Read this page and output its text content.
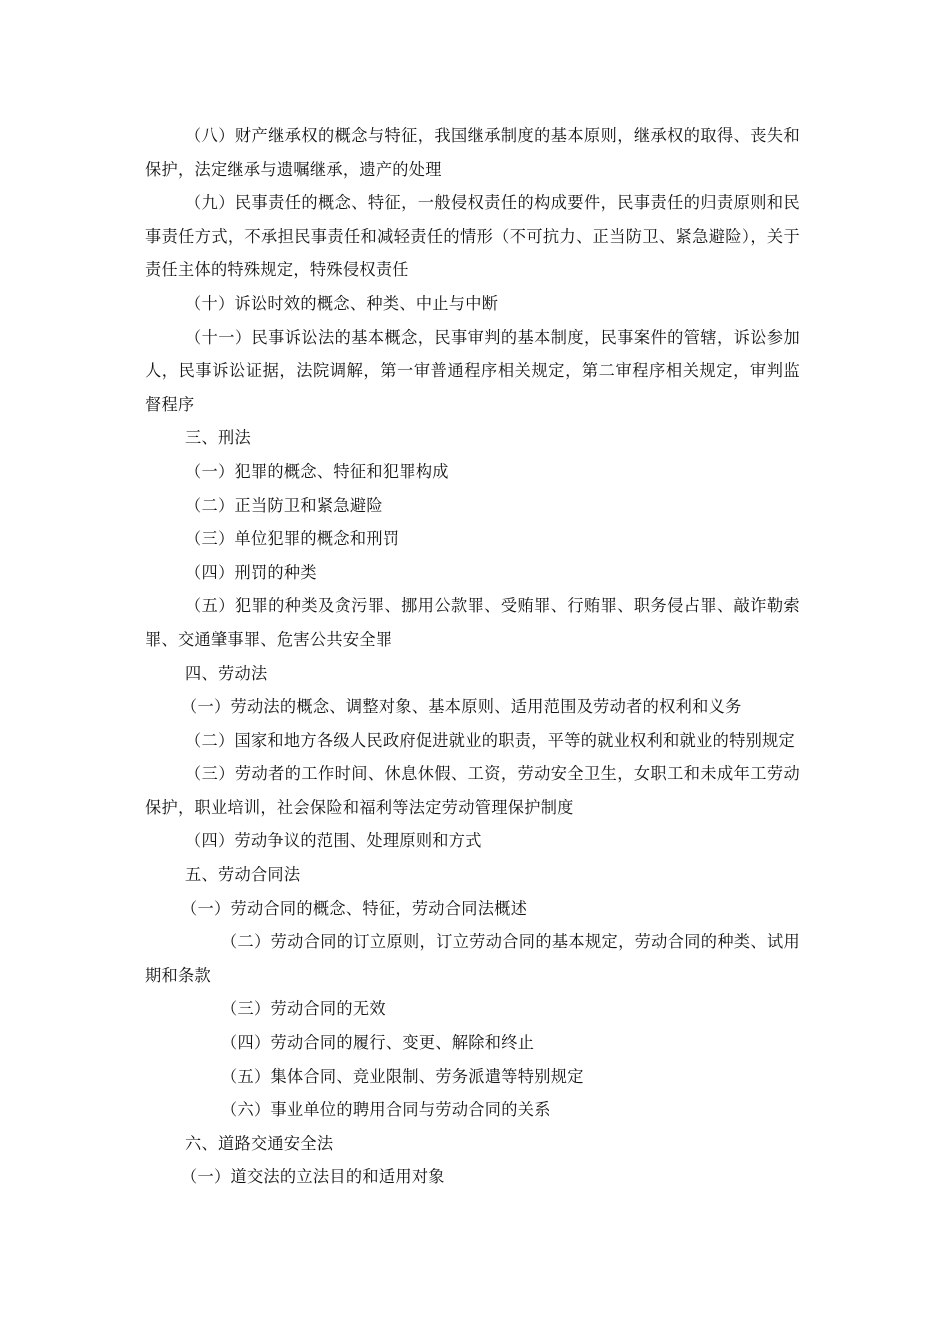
（八）财产继承权的概念与特征，我国继承制度的基本原则，继承权的取得、丧失和保护，法定继承与遗嘱继承，遗产的处理

（九）民事责任的概念、特征，一般侵权责任的构成要件，民事责任的归责原则和民事责任方式，不承担民事责任和减轻责任的情形（不可抗力、正当防卫、紧急避险），关于责任主体的特殊规定，特殊侵权责任

（十）诉讼时效的概念、种类、中止与中断

（十一）民事诉讼法的基本概念，民事审判的基本制度，民事案件的管辖，诉讼参加人，民事诉讼证据，法院调解，第一审普通程序相关规定，第二审程序相关规定，审判监督程序

三、刑法

（一）犯罪的概念、特征和犯罪构成

（二）正当防卫和紧急避险

（三）单位犯罪的概念和刑罚

（四）刑罚的种类

（五）犯罪的种类及贪污罪、挪用公款罪、受贿罪、行贿罪、职务侵占罪、敲诈勒索罪、交通肇事罪、危害公共安全罪

四、劳动法

（一）劳动法的概念、调整对象、基本原则、适用范围及劳动者的权利和义务

（二）国家和地方各级人民政府促进就业的职责，平等的就业权利和就业的特别规定

（三）劳动者的工作时间、休息休假、工资，劳动安全卫生，女职工和未成年工劳动保护，职业培训，社会保险和福利等法定劳动管理保护制度

（四）劳动争议的范围、处理原则和方式

五、劳动合同法

（一）劳动合同的概念、特征，劳动合同法概述

（二）劳动合同的订立原则，订立劳动合同的基本规定，劳动合同的种类、试用期和条款

（三）劳动合同的无效

（四）劳动合同的履行、变更、解除和终止

（五）集体合同、竞业限制、劳务派遣等特别规定

（六）事业单位的聘用合同与劳动合同的关系

六、道路交通安全法

（一）道交法的立法目的和适用对象
